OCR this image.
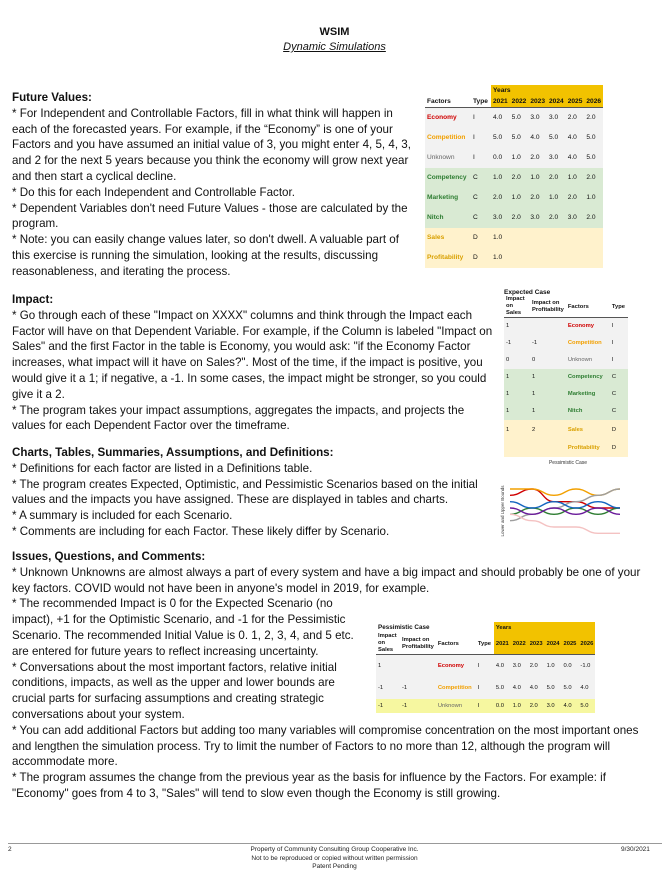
WSIM
Dynamic Simulations
Future Values:
* For Independent and Controllable Factors, fill in what think will happen in each of the forecasted years. For example, if the “Economy” is one of your Factors and you have assumed an initial value of 3, you might enter 4, 5, 4, 3, and 2 for the next 5 years because you think the economy will grow next year and then start a cyclical decline.
* Do this for each Independent and Controllable Factor.
* Dependent Variables don't need Future Values - those are calculated by the program.
* Note: you can easily change values later, so don't dwell. A valuable part of this exercise is running the simulation, looking at the results, discussing reasonableness, and iterating the process.
		Years					
Factors	Type	2021	2022	2023	2024	2025	2026
Economy	I	4.0	5.0	3.0	3.0	2.0	2.0
Competition	I	5.0	5.0	4.0	5.0	4.0	5.0
Unknown	I	0.0	1.0	2.0	3.0	4.0	5.0
Competency	C	1.0	2.0	1.0	2.0	1.0	2.0
Marketing	C	2.0	1.0	2.0	1.0	2.0	1.0
Nitch	C	3.0	2.0	3.0	2.0	3.0	2.0
Sales	D	1.0					
Profitability	D	1.0					
Impact:
* Go through each of these "Impact on XXXX" columns and think through the Impact each Factor will have on that Dependent Variable. For example, if the Column is labeled "Impact on Sales" and the first Factor in the table is Economy, you would ask: "if the Economy Factor increases, what impact will it have on Sales?". Most of the time, if the impact is positive, you would give it a 1; if negative, a -1. In some cases, the impact might be stronger, so you could give it a 2.
* The program takes your impact assumptions, aggregates the impacts, and projects the values for each Dependent Factor over the timeframe.
Expected Case
Impact on Sales	Impact on Profitability	Factors	Type
1		Economy	I
-1	-1	Competition	I
0	0	Unknown	I
1	1	Competency	C
1	1	Marketing	C
1	1	Nitch	C
1	2	Sales	D
		Profitability	D
Charts, Tables, Summaries, Assumptions, and Definitions:
* Definitions for each factor are listed in a Definitions table.
* The program creates Expected, Optimistic, and Pessimistic Scenarios based on the initial values and the impacts you have assigned. These are displayed in tables and charts.
* A summary is included for each Scenario.
* Comments are including for each Factor. These likely differ by Scenario.
Pessimistic Case
Lower and Upper Bounds
Issues, Questions, and Comments:
* Unknown Unknowns are almost always a part of every system and have a big impact and should probably be one of your key factors. COVID would not have been in anyone's model in 2019, for example.
* The recommended Impact is 0 for the Expected Scenario (no impact), +1 for the Optimistic Scenario, and -1 for the Pessimistic Scenario. The recommended Initial Value is 0. 1, 2, 3, 4, and 5 etc. are entered for future years to reflect increasing uncertainty.
* Conversations about the most important factors, relative initial conditions, impacts, as well as the upper and lower bounds are crucial parts for surfacing assumptions and creating strategic conversations about your system.
* You can add additional Factors but adding too many variables will compromise concentration on the most important ones and lengthen the simulation process. Try to limit the number of Factors to no more than 12, although the program will accommodate more.
* The program assumes the change from the previous year as the basis for influence by the Factors. For example: if "Economy" goes from 4 to 3, "Sales" will tend to slow even though the Economy is still growing.
Pessimistic Case				Years					
Impact on Sales	Impact on Profitability	Factors	Type	2021	2022	2023	2024	2025	2026
1		Economy	I	4.0	3.0	2.0	1.0	0.0	-1.0
-1	-1	Competition	I	5.0	4.0	4.0	5.0	5.0	4.0
-1	-1	Unknown	I	0.0	1.0	2.0	3.0	4.0	5.0
2	Property of Community Consulting Group Cooperative Inc.
Not to be reproduced or copied without written permission
Patent Pending
9/30/2021
